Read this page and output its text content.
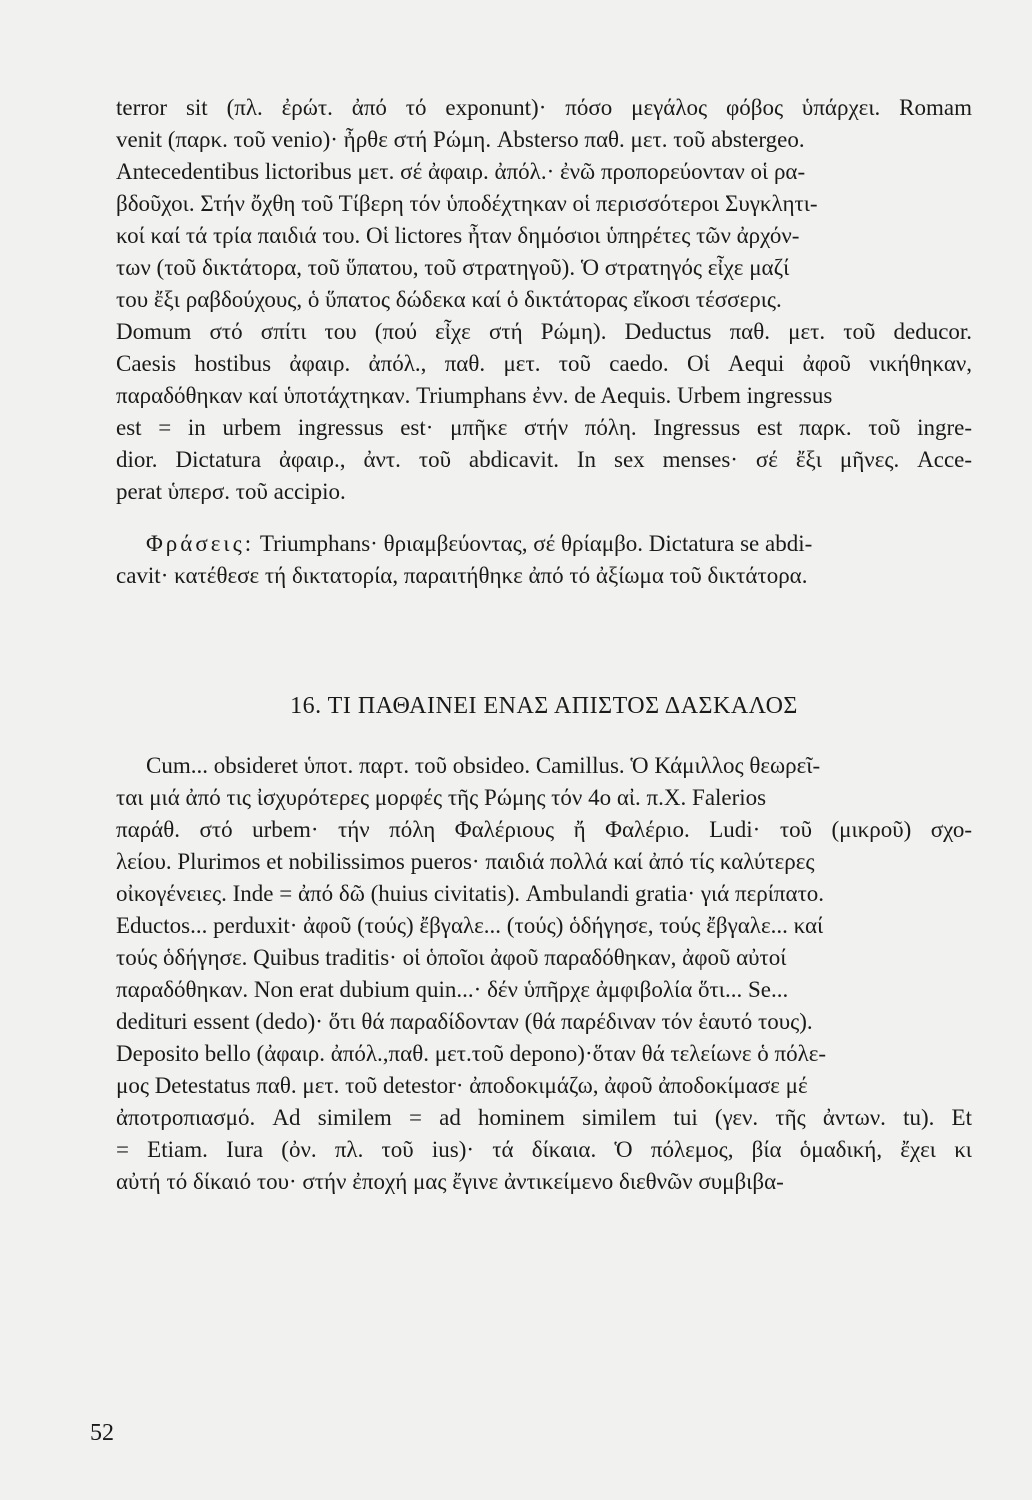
terror sit (πλ. ἐρώτ. ἀπό τό exponunt)· πόσο μεγάλος φόβος ὑπάρχει. Romam
venit (παρκ. τοῦ venio)· ἦρθε στή Ρώμη. Absterso παθ. μετ. τοῦ abstergeo.
Antecedentibus lictoribus μετ. σέ ἀφαιρ. ἀπόλ.· ἐνῶ προπορεύονταν οἱ ρα-
βδοῦχοι. Στήν ὄχθη τοῦ Τίβερη τόν ὑποδέχτηκαν οἱ περισσότεροι Συγκλητι-
κοί καί τά τρία παιδιά του. Οἱ lictores ἦταν δημόσιοι ὑπηρέτες τῶν ἀρχόν-
των (τοῦ δικτάτορα, τοῦ ὕπατου, τοῦ στρατηγοῦ). Ὁ στρατηγός εἶχε μαζί
του ἔξι ραβδούχους, ὁ ὕπατος δώδεκα καί ὁ δικτάτορας εἴκοσι τέσσερις.
Domum στό σπίτι του (πού εἶχε στή Ρώμη). Deductus παθ. μετ. τοῦ deducor.
Caesis hostibus ἀφαιρ. ἀπόλ., παθ. μετ. τοῦ caedo. Οἱ Aequi ἀφοῦ νικήθηκαν,
παραδόθηκαν καί ὑποτάχτηκαν. Triumphans ἐνν. de Aequis. Urbem ingressus
est = in urbem ingressus est· μπῆκε στήν πόλη. Ingressus est παρκ. τοῦ ingre-
dior. Dictatura ἀφαιρ., ἀντ. τοῦ abdicavit. In sex menses· σέ ἔξι μῆνες. Acce-
perat ὑπερσ. τοῦ accipio.

Φράσεις: Triumphans· θριαμβεύοντας, σέ θρίαμβο. Dictatura se abdi-
cavit· κατέθεσε τή δικτατορία, παραιτήθηκε ἀπό τό ἀξίωμα τοῦ δικτάτορα.

16. ΤΙ ΠΑΘΑΙΝΕΙ ΕΝΑΣ ΑΠΙΣΤΟΣ ΔΑΣΚΑΛΟΣ

Cum... obsideret ὑποτ. παρτ. τοῦ obsideo. Camillus. Ὁ Κάμιλλος θεωρεῖ-
ται μιά ἀπό τις ἰσχυρότερες μορφές τῆς Ρώμης τόν 4ο αἰ. π.Χ. Falerios
παράθ. στό urbem· τήν πόλη Φαλέριους ἤ Φαλέριο. Ludi· τοῦ (μικροῦ) σχο-
λείου. Plurimos et nobilissimos pueros· παιδιά πολλά καί ἀπό τίς καλύτερες
οἰκογένειες. Inde = ἀπό δῶ (huius civitatis). Ambulandi gratia· γιά περίπατο.
Eductos... perduxit· ἀφοῦ (τούς) ἔβγαλε... (τούς) ὁδήγησε, τούς ἔβγαλε... καί
τούς ὁδήγησε. Quibus traditis· οἱ ὁποῖοι ἀφοῦ παραδόθηκαν, ἀφοῦ αὐτοί
παραδόθηκαν. Non erat dubium quin...· δέν ὑπῆρχε ἀμφιβολία ὅτι... Se...
dedituri essent (dedo)· ὅτι θά παραδίδονταν (θά παρέδιναν τόν ἑαυτό τους).
Deposito bello (ἀφαιρ. ἀπόλ.,παθ. μετ.τοῦ depono)·ὅταν θά τελείωνε ὁ πόλε-
μος Detestatus παθ. μετ. τοῦ detestor· ἀποδοκιμάζω, ἀφοῦ ἀποδοκίμασε μέ
ἀποτροπιασμό. Ad similem = ad hominem similem tui (γεν. τῆς ἀντων. tu). Et
= Etiam. Iura (ὀν. πλ. τοῦ ius)· τά δίκαια. Ὁ πόλεμος, βία ὁμαδική, ἔχει κι
αὐτή τό δίκαιό του· στήν ἐποχή μας ἔγινε ἀντικείμενο διεθνῶν συμβιβα-

52
